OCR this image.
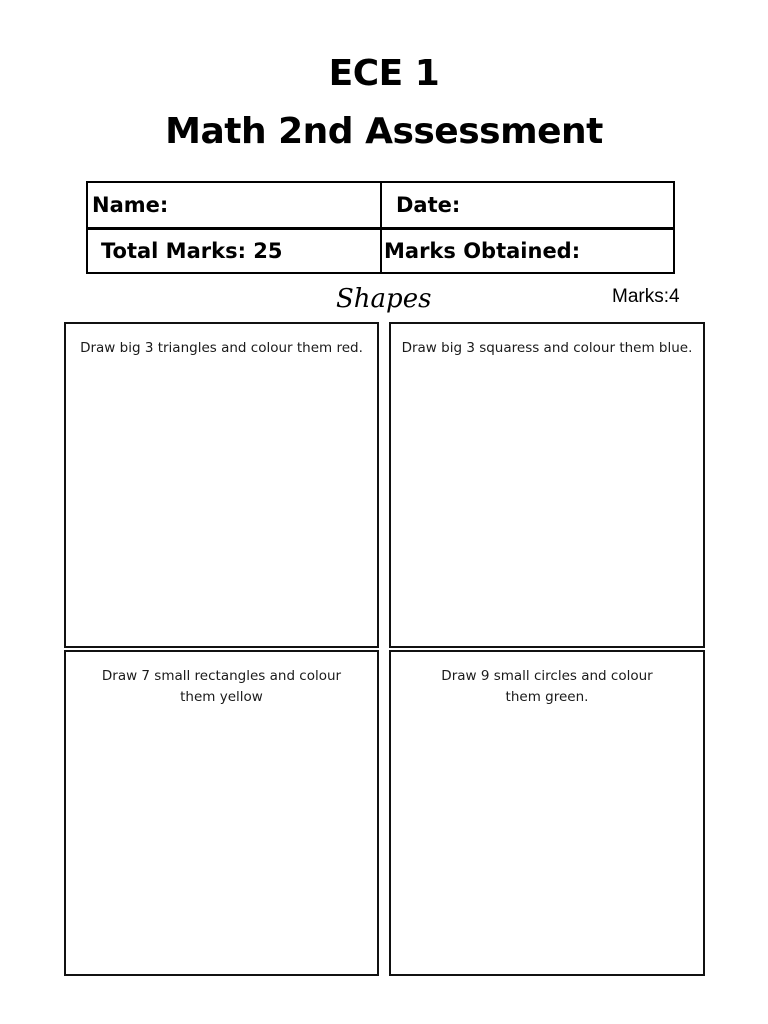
ECE 1
Math 2nd Assessment
Name:	Date:
Total Marks: 25	Marks Obtained:
Shapes	Marks:4
Draw big 3 triangles and colour them red.	Draw big 3 squaress and colour them blue.
Draw 7 small rectangles and colour
them yellow
Draw 9 small circles and colour
them green.
